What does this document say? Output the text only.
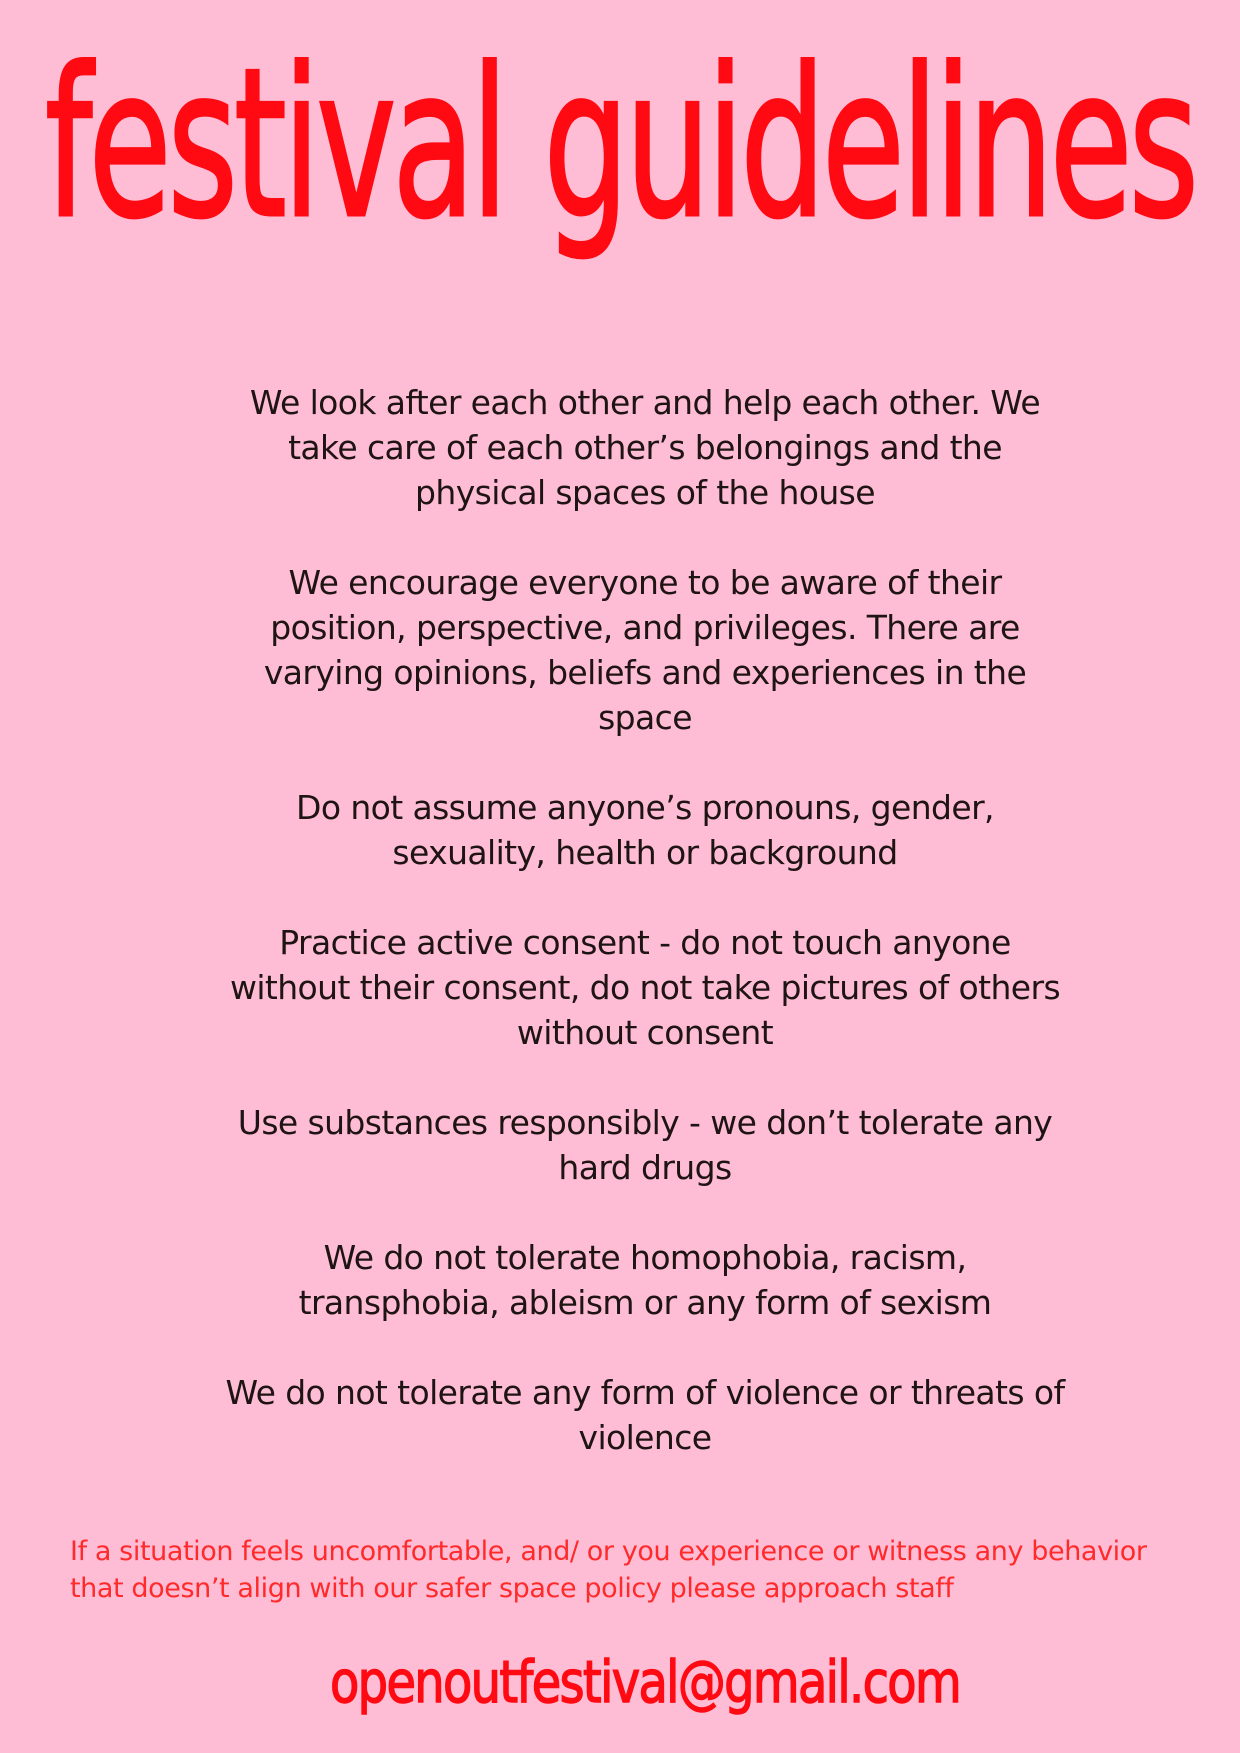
festival guidelines
We look after each other and help each other. We take care of each other’s belongings and the physical spaces of the house
We encourage everyone to be aware of their position, perspective, and privileges. There are varying opinions, beliefs and experiences in the space
Do not assume anyone’s pronouns, gender, sexuality, health or background
Practice active consent - do not touch anyone without their consent, do not take pictures of others without consent
Use substances responsibly - we don’t tolerate any hard drugs
We do not tolerate homophobia, racism, transphobia, ableism or any form of sexism
We do not tolerate any form of violence or threats of violence

If a situation feels uncomfortable, and/ or you experience or witness any behavior that doesn’t align with our safer space policy please approach staff

openoutfestival@gmail.com
